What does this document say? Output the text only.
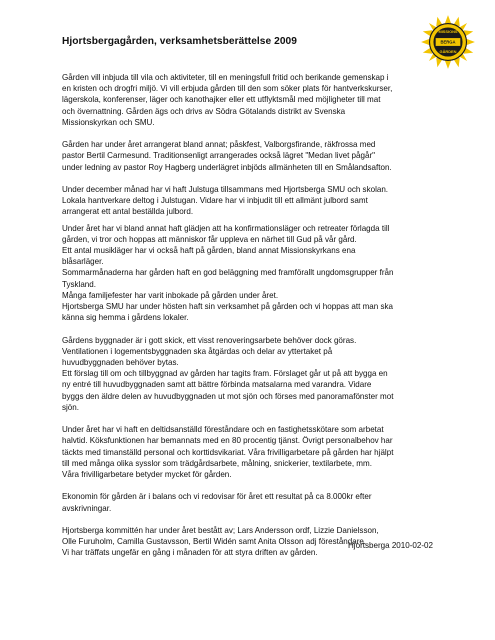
Hjortsbergagården, verksamhetsberättelse 2009
MISSIONS
BERGA
GÅRDEN

Gården vill inbjuda till vila och aktiviteter, till en meningsfull fritid och berikande gemenskap i
en kristen och drogfri miljö. Vi vill erbjuda gården till den som söker plats för hantverkskurser,
lägerskola, konferenser, läger och kanothajker eller ett utflyktsmål med möjligheter till mat
och övernattning. Gården ägs och drivs av Södra Götalands distrikt av Svenska
Missionskyrkan och SMU.

Gården har under året arrangerat bland annat; påskfest, Valborgsfirande, räkfrossa med
pastor Bertil Carmesund. Traditionsenligt arrangerades också lägret "Medan livet pågår"
under ledning av pastor Roy Hagberg underlägret inbjöds allmänheten till en Smålandsafton.

Under december månad har vi haft Julstuga tillsammans med Hjortsberga SMU och skolan.
Lokala hantverkare deltog i Julstugan. Vidare har vi inbjudit till ett allmänt julbord samt
arrangerat ett antal beställda julbord.

Under året har vi bland annat haft glädjen att ha konfirmationsläger och retreater förlagda till
gården, vi tror och hoppas att människor får uppleva en närhet till Gud på vår gård.
Ett antal musikläger har vi också haft på gården, bland annat Missionskyrkans ena
blåsarläger.
Sommarmånaderna har gården haft en god beläggning med framförallt ungdomsgrupper från
Tyskland.
Många familjefester har varit inbokade på gården under året.
Hjortsberga SMU har under hösten haft sin verksamhet på gården och vi hoppas att man ska
känna sig hemma i gårdens lokaler.

Gårdens byggnader är i gott skick, ett visst renoveringsarbete behöver dock göras.
Ventilationen i logementsbyggnaden ska åtgärdas och delar av yttertaket på
huvudbyggnaden behöver bytas.
Ett förslag till om och tillbyggnad av gården har tagits fram. Förslaget går ut på att bygga en
ny entré till huvudbyggnaden samt att bättre förbinda matsalarna med varandra. Vidare
byggs den äldre delen av huvudbyggnaden ut mot sjön och förses med panoramafönster mot
sjön.

Under året har vi haft en deltidsanställd föreståndare och en fastighetsskötare som arbetat
halvtid. Köksfunktionen har bemannats med en 80 procentig tjänst. Övrigt personalbehov har
täckts med timanställd personal och korttidsvikariat. Våra frivilligarbetare på gården har hjälpt
till med många olika sysslor som trädgårdsarbete, målning, snickerier, textilarbete, mm.
Våra frivilligarbetare betyder mycket för gården.

Ekonomin för gården är i balans och vi redovisar för året ett resultat på ca 8.000kr efter
avskrivningar.

Hjortsberga kommittén har under året bestått av; Lars Andersson ordf, Lizzie Danielsson,
Olle Furuholm, Camilla Gustavsson, Bertil Widén samt Anita Olsson adj föreståndare.
Vi har träffats ungefär en gång i månaden för att styra driften av gården.

Hjortsberga 2010-02-02
